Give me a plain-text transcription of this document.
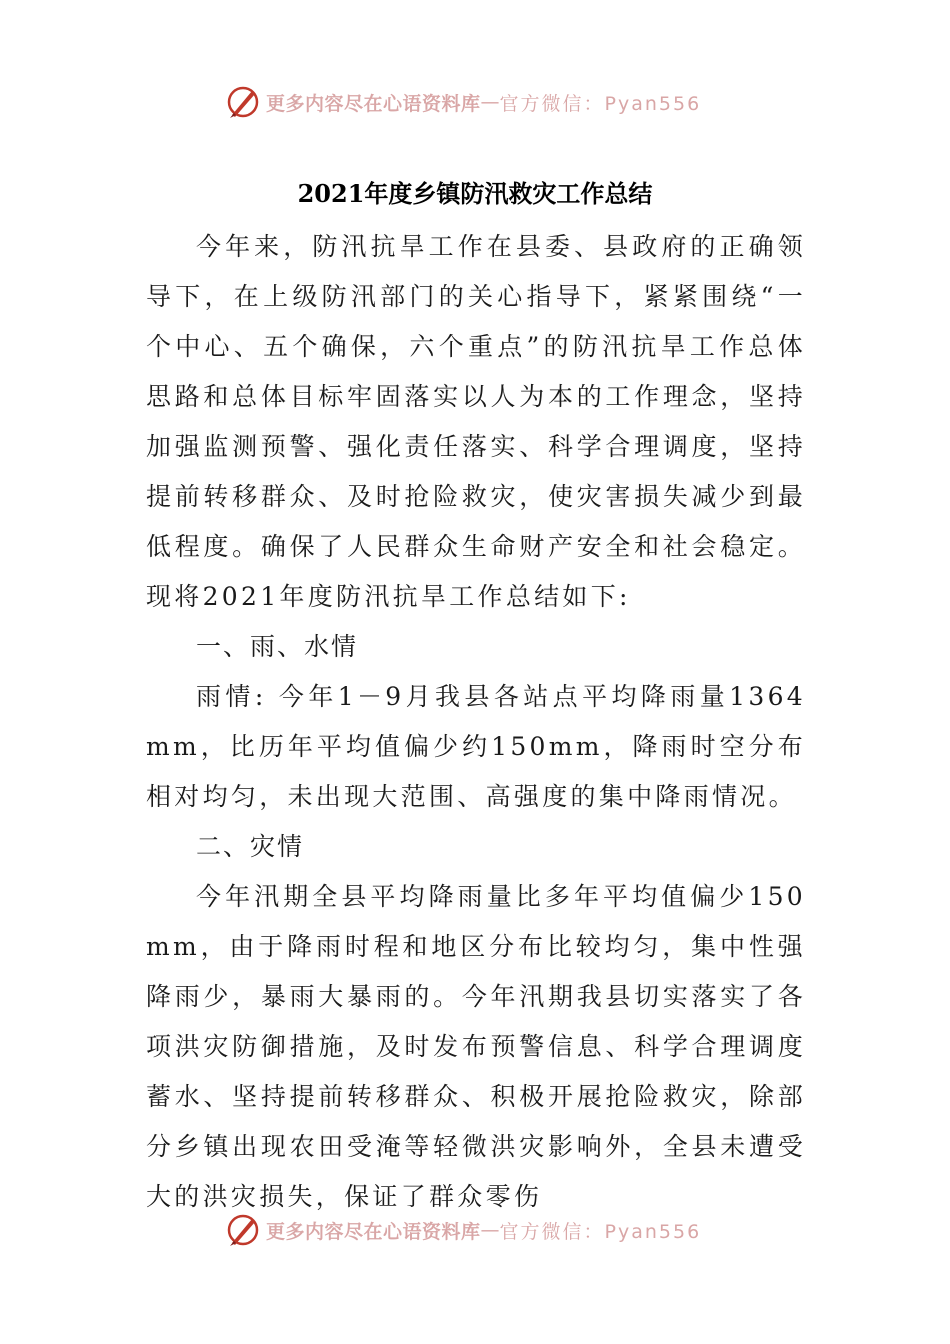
更多内容尽在心语资料库 — 官方微信：Pyan556
2021年度乡镇防汛救灾工作总结

今年来，防汛抗旱工作在县委、县政府的正确领导下，在上级防汛部门的关心指导下，紧紧围绕“一个中心、五个确保，六个重点”的防汛抗旱工作总体思路和总体目标牢固落实以人为本的工作理念，坚持加强监测预警、强化责任落实、科学合理调度，坚持提前转移群众、及时抢险救灾，使灾害损失减少到最低程度。确保了人民群众生命财产安全和社会稳定。现将2021年度防汛抗旱工作总结如下:

一、雨、水情

雨情: 今年1－9月我县各站点平均降雨量1364mm，比历年平均值偏少约150mm，降雨时空分布相对均匀，未出现大范围、高强度的集中降雨情况。

二、灾情

今年汛期全县平均降雨量比多年平均值偏少150mm，由于降雨时程和地区分布比较均匀，集中性强降雨少，暴雨大暴雨的。今年汛期我县切实落实了各项洪灾防御措施，及时发布预警信息、科学合理调度蓄水、坚持提前转移群众、积极开展抢险救灾，除部分乡镇出现农田受淹等轻微洪灾影响外，全县未遭受大的洪灾损失，保证了群众零伤

更多内容尽在心语资料库 — 官方微信：Pyan556
